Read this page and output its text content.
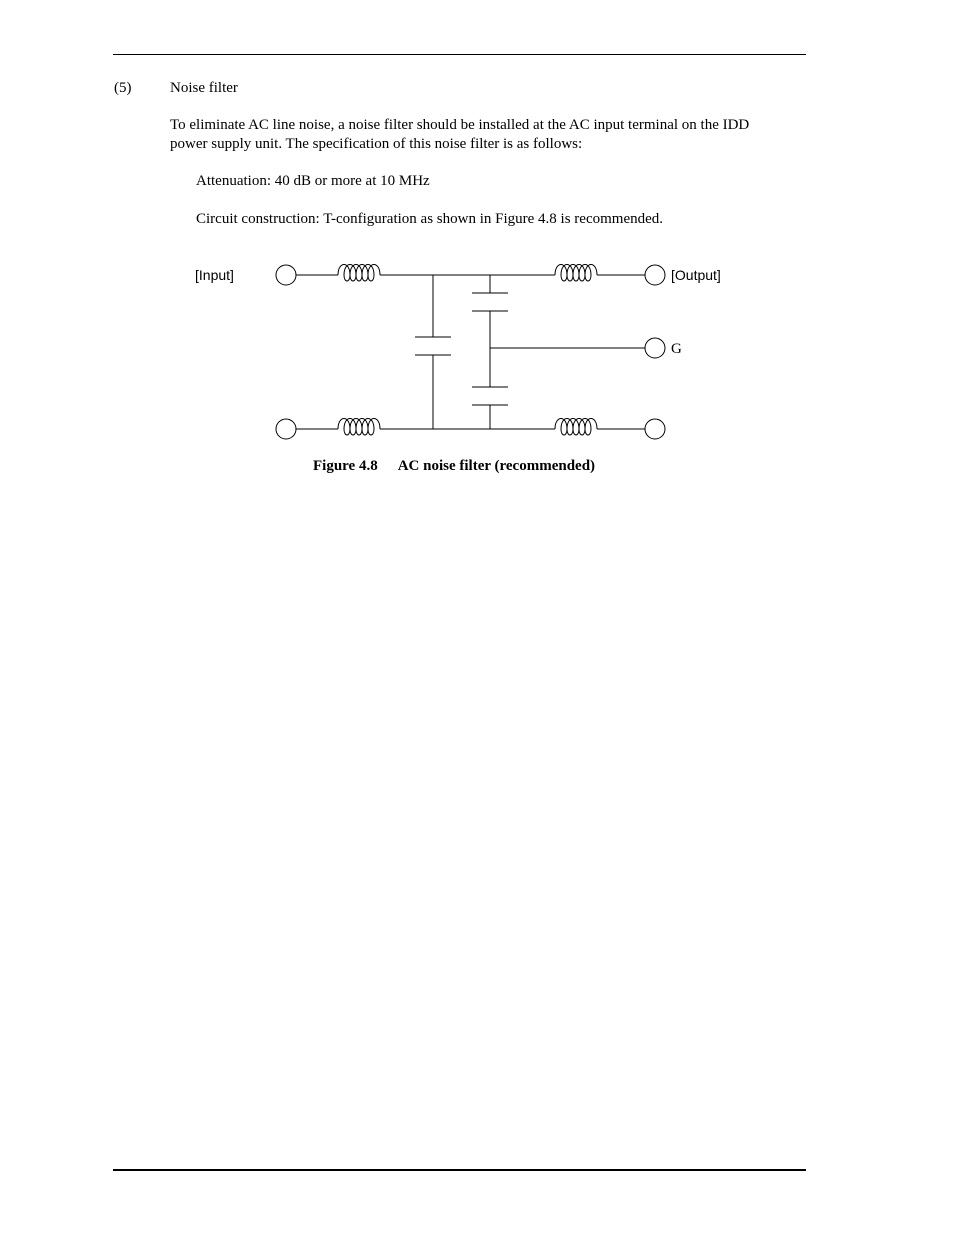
(5)	Noise filter
To eliminate AC line noise, a noise filter should be installed at the AC input terminal on the IDD power supply unit. The specification of this noise filter is as follows:
Attenuation: 40 dB or more at 10 MHz
Circuit construction: T-configuration as shown in Figure 4.8 is recommended.
[Input]	[Output]
G
Figure 4.8 AC noise filter (recommended)
